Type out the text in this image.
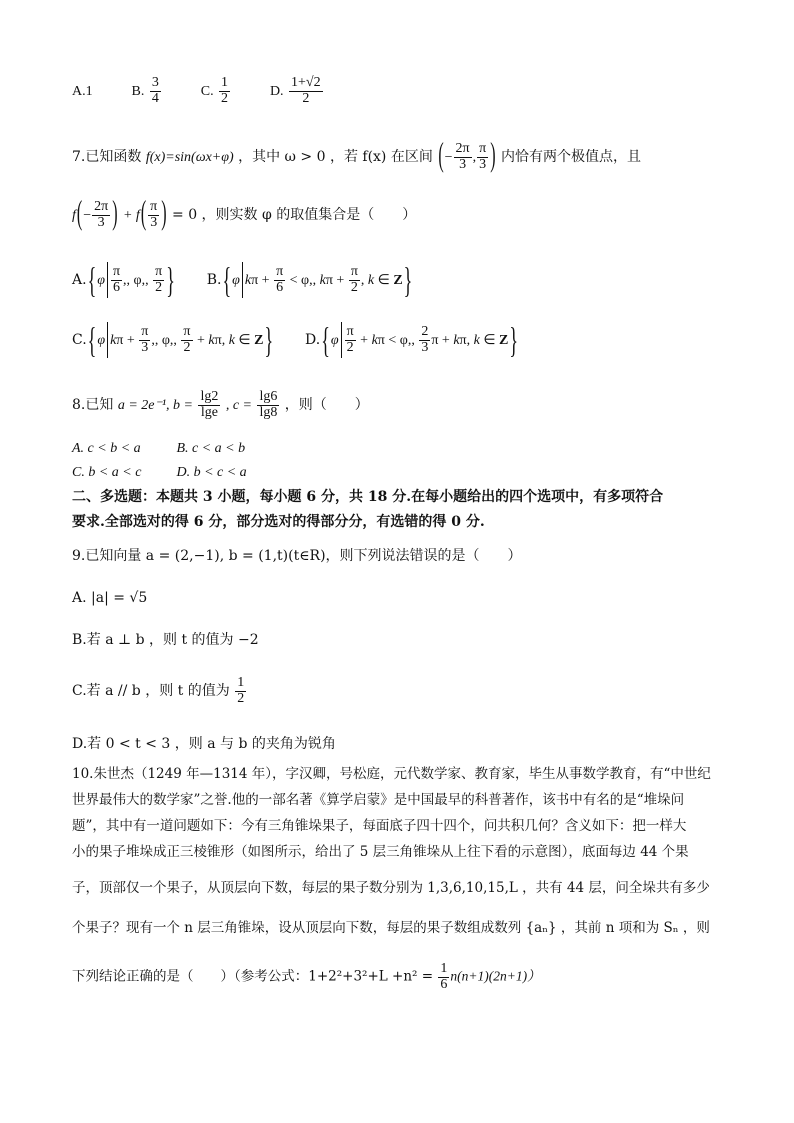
A.1	B. $\frac{3}{4}$	C. $\frac{1}{2}$	D. $\frac{1+√2}{2}$
7.已知函数 f(x)=sin(ωx+φ) ，其中 ω > 0 ，若 f(x) 在区间 (− $\frac{2\pi}{3}$ , $\frac{\pi}{3}$ ) 内恰有两个极值点，且
$f(- \frac{2\pi}{3}$ ) + $f( \frac{\pi}{3}$ ) = 0 ，则实数 φ 的取值集合是（　　）
$A.\{\varphi \frac{\pi}{6}$ ,, φ,, $\frac{\pi}{2}$ } B.{φ $k\pi + \frac{\pi}{6} < \varphi$,, $k\pi + \frac{\pi}{2}$ , k ∈ Z}
C.{φ $k\pi + \frac{\pi}{3}$ ,, φ,, $\frac{\pi}{2} + k\pi$, k ∈ Z} $D.\{\varphi \frac{\pi}{2} + k\pi < \varphi$,, $\frac{2}{3}$ π + kπ, k ∈ Z}
8.已知 a = 2e⁻¹, $b = \frac{\lg 2}{\lg e}$ , $c = \frac{\lg 6}{\lg 8}$ ，则（　　）
A. c < b < a	B. c < a < b
C. b < a < c	D. b < c < a
二、多选题：本题共 3 小题，每小题 6 分，共 18 分.在每小题给出的四个选项中，有多项符合
要求.全部选对的得 6 分，部分选对的得部分分，有选错的得 0 分.
9.已知向量 a = (2,−1), b = (1,t)(t∈R)，则下列说法错误的是（　　）
A. |a| = √5
B.若 a ⊥ b ，则 t 的值为 −2
C.若 a // b ，则 t 的值为 $\frac{1}{2}$
D.若 0 < t < 3 ，则 a 与 b 的夹角为锐角
10.朱世杰（1249 年—1314 年），字汉卿，号松庭，元代数学家、教育家，毕生从事数学教育，有“中世纪
世界最伟大的数学家”之誉.他的一部名著《算学启蒙》是中国最早的科普著作，该书中有名的是“堆垛问
题”，其中有一道问题如下：今有三角锥垛果子，每面底子四十四个，问共积几何？含义如下：把一样大
小的果子堆垛成正三棱锥形（如图所示，给出了 5 层三角锥垛从上往下看的示意图），底面每边 44 个果
子，顶部仅一个果子，从顶层向下数，每层的果子数分别为 1,3,6,10,15,L ，共有 44 层，问全垛共有多少
个果子？现有一个 n 层三角锥垛，设从顶层向下数，每层的果子数组成数列 {aₙ} ，其前 n 项和为 Sₙ ，则
下列结论正确的是（　　）（参考公式：$1+2^2+3^2+L +n^2 = \frac{1}{6} n(n+1)(2n+1)$）
